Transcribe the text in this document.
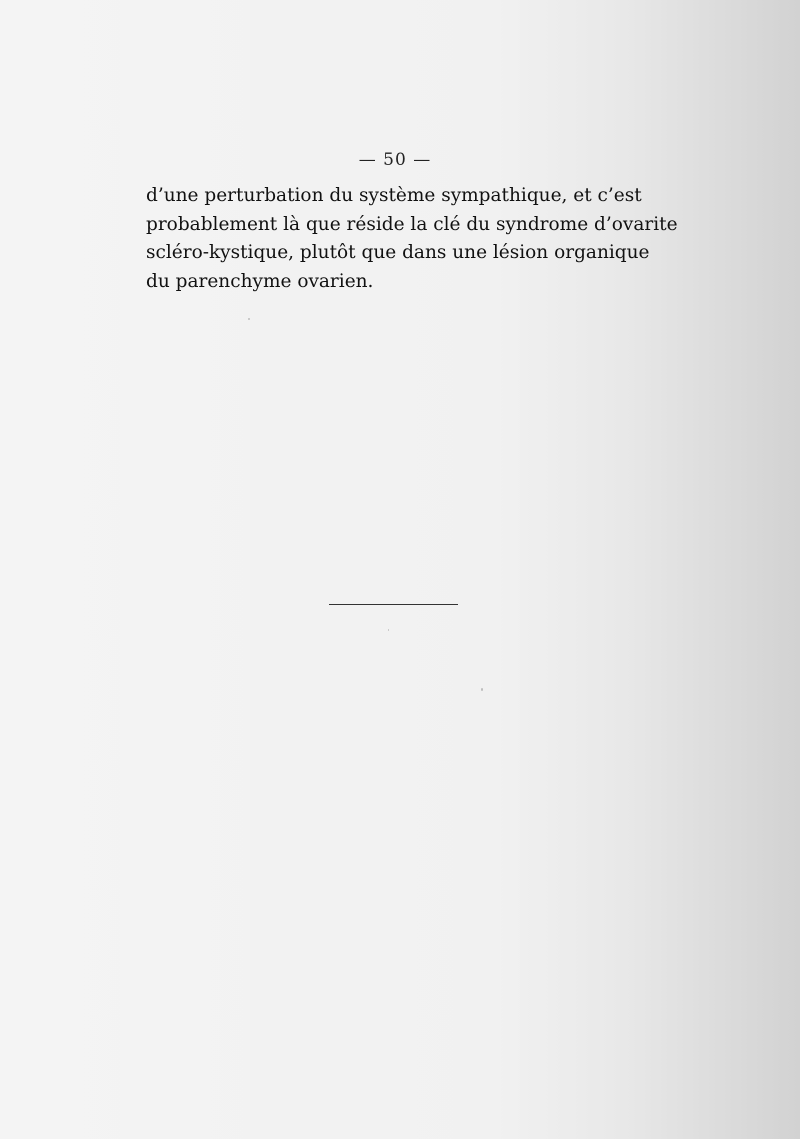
— 50 —
d’une perturbation du système sympathique, et c’est
probablement là que réside la clé du syndrome d’ovarite
scléro-kystique, plutôt que dans une lésion organique
du parenchyme ovarien.
